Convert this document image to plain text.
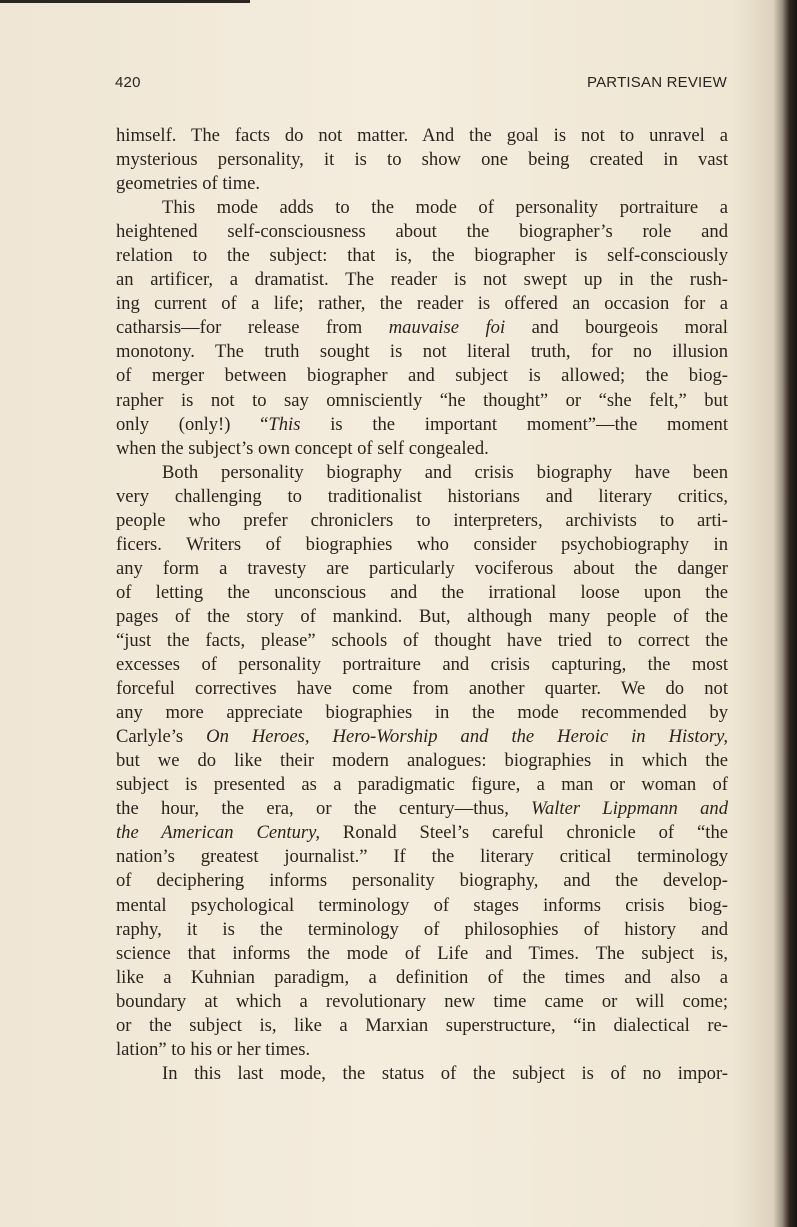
420	PARTISAN REVIEW
himself. The facts do not matter. And the goal is not to unravel a
mysterious personality, it is to show one being created in vast
geometries of time.
This mode adds to the mode of personality portraiture a
heightened self-consciousness about the biographer’s role and
relation to the subject: that is, the biographer is self-consciously
an artificer, a dramatist. The reader is not swept up in the rush-
ing current of a life; rather, the reader is offered an occasion for a
catharsis—for release from mauvaise foi and bourgeois moral
monotony. The truth sought is not literal truth, for no illusion
of merger between biographer and subject is allowed; the biog-
rapher is not to say omnisciently “he thought” or “she felt,” but
only (only!) “This is the important moment”—the moment
when the subject’s own concept of self congealed.
Both personality biography and crisis biography have been
very challenging to traditionalist historians and literary critics,
people who prefer chroniclers to interpreters, archivists to arti-
ficers. Writers of biographies who consider psychobiography in
any form a travesty are particularly vociferous about the danger
of letting the unconscious and the irrational loose upon the
pages of the story of mankind. But, although many people of the
“just the facts, please” schools of thought have tried to correct the
excesses of personality portraiture and crisis capturing, the most
forceful correctives have come from another quarter. We do not
any more appreciate biographies in the mode recommended by
Carlyle’s On Heroes, Hero-Worship and the Heroic in History,
but we do like their modern analogues: biographies in which the
subject is presented as a paradigmatic figure, a man or woman of
the hour, the era, or the century—thus, Walter Lippmann and
the American Century, Ronald Steel’s careful chronicle of “the
nation’s greatest journalist.” If the literary critical terminology
of deciphering informs personality biography, and the develop-
mental psychological terminology of stages informs crisis biog-
raphy, it is the terminology of philosophies of history and
science that informs the mode of Life and Times. The subject is,
like a Kuhnian paradigm, a definition of the times and also a
boundary at which a revolutionary new time came or will come;
or the subject is, like a Marxian superstructure, “in dialectical re-
lation” to his or her times.
In this last mode, the status of the subject is of no impor-
